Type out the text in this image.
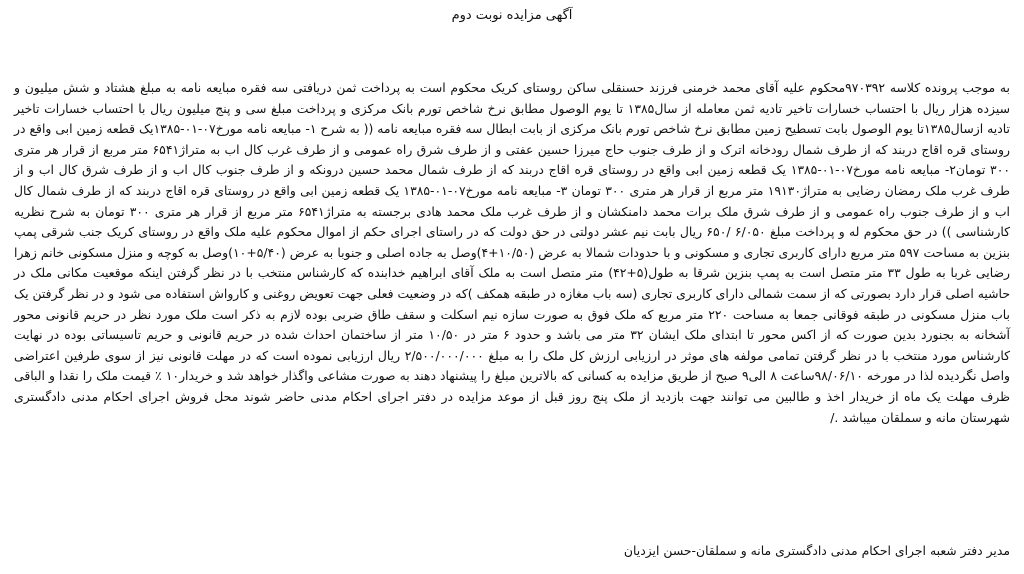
آگهی مزایده نوبت دوم

به موجب پرونده کلاسه ۹۷۰۳۹۲محکوم علیه آقای محمد خرمنی فرزند حسنقلی ساکن روستای کریک محکوم است به پرداخت ثمن دریافتی سه فقره مبایعه نامه به مبلغ هشتاد و شش میلیون و سیزده هزار ریال با احتساب خسارات تاخیر تادیه ثمن معامله از سال۱۳۸۵ تا یوم الوصول مطابق نرخ شاخص تورم بانک مرکزی و پرداخت مبلغ سی و پنج میلیون ریال با احتساب خسارات تاخیر تادیه ازسال۱۳۸۵تا یوم الوصول بابت تسطیح زمین مطابق نرخ شاخص تورم بانک مرکزی از بابت ابطال سه فقره مبایعه نامه (( به شرح ۱- مبایعه نامه مورخ۰۷-۰۱-۱۳۸۵یک قطعه زمین ابی واقع در روستای قره اقاج دربند که از طرف شمال رودخانه اترک و از طرف جنوب حاج میرزا حسین عفتی و از طرف شرق راه عمومی و از طرف غرب کال اب به متراژ۶۵۴۱ متر مربع از قرار هر متری ۳۰۰ تومان۲- مبایعه نامه مورخ۰۷-۰۱-۱۳۸۵ یک قطعه زمین ابی واقع در روستای قره اقاج دربند که از طرف شمال محمد حسین درونکه و از طرف جنوب کال اب و از طرف شرق کال اب و از طرف غرب ملک رمضان رضایی به متراژ۱۹۱۳۰ متر مربع از قرار هر متری ۳۰۰ تومان ۳- مبایعه نامه مورخ۰۷-۰۱-۱۳۸۵ یک قطعه زمین ابی واقع در روستای قره اقاج دربند که از طرف شمال کال اب و از طرف جنوب راه عمومی و از طرف شرق ملک برات محمد دامنکشان و از طرف غرب ملک محمد هادی برجسته به متراژ۶۵۴۱ متر مربع از قرار هر متری ۳۰۰ تومان به شرح نظریه کارشناسی )) در حق محکوم له و پرداخت مبلغ ۶/۰۵۰ /۶۵۰ ریال بابت نیم عشر دولتی در حق دولت که در راستای اجرای حکم از اموال محکوم علیه ملک واقع در روستای کریک جنب شرقی پمپ بنزین به مساحت ۵۹۷ متر مربع دارای کاربری تجاری و مسکونی و با حدودات شمالا به عرض (۱۰/۵۰+۴)وصل به جاده اصلی و جنوبا به عرض (۵/۴۰+۱۰)وصل به کوچه و منزل مسکونی خانم زهرا رضایی غربا به طول ۳۳ متر متصل است به پمپ بنزین شرقا به طول(۵+۴۲) متر متصل است به ملک آقای ابراهیم خدابنده که کارشناس منتخب با در نظر گرفتن اینکه موقعیت مکانی ملک در حاشیه اصلی قرار دارد بصورتی که از سمت شمالی دارای کاربری تجاری (سه باب مغازه در طبقه همکف )که در وضعیت فعلی جهت تعویض روغنی و کارواش استفاده می شود و در نظر گرفتن یک باب منزل مسکونی در طبقه فوقانی جمعا به مساحت ۲۲۰ متر مربع که ملک فوق به صورت سازه نیم اسکلت و سقف طاق ضربی بوده لازم به ذکر است ملک مورد نظر در حریم قانونی محور آشخانه به بجنورد بدین صورت که از اکس محور تا ابتدای ملک ایشان ۳۲ متر می باشد و حدود ۶ متر در ۱۰/۵۰ متر از ساختمان احداث شده در حریم قانونی و حریم تاسیساتی بوده در نهایت کارشناس مورد منتخب با در نظر گرفتن تمامی مولفه های موثر در ارزیابی ارزش کل ملک را به مبلغ ۲/۵۰۰/۰۰۰/۰۰۰ ریال ارزیابی نموده است که در مهلت قانونی نیز از سوی طرفین اعتراضی واصل نگردیده لذا در مورخه ۹۸/۰۶/۱۰ساعت ۸ الی۹ صبح از طریق مزایده به کسانی که بالاترین مبلغ را پیشنهاد دهند به صورت مشاعی واگذار خواهد شد و خریدار۱۰ ٪ قیمت ملک را نقدا و الباقی ظرف مهلت یک ماه از خریدار اخذ و طالبین می توانند جهت بازدید از ملک پنج روز قبل از موعد مزایده در دفتر اجرای احکام مدنی حاضر شوند محل فروش اجرای احکام مدنی دادگستری شهرستان مانه و سملقان میباشد ./

مدیر دفتر شعبه اجرای احکام مدنی دادگستری مانه و سملقان-حسن ایزدیان
